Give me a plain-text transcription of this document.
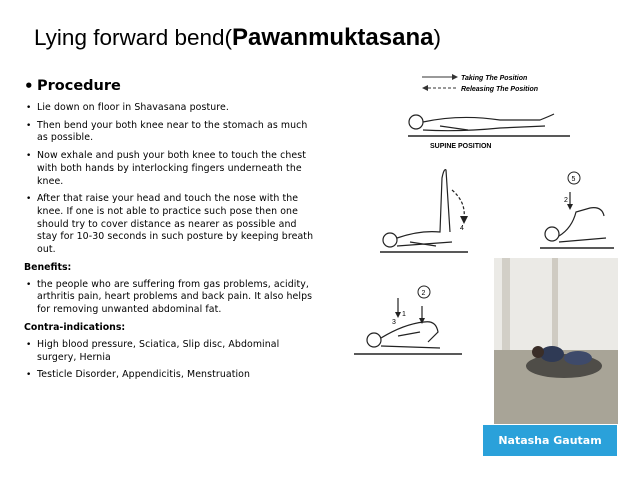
Lying forward bend(Pawanmuktasana)
• Procedure
• Lie down on floor in Shavasana posture.
• Then bend your both knee near to the stomach as much as possible.
• Now exhale and push your both knee to touch the chest with both hands by interlocking fingers underneath the knee.
• After that raise your head and touch the nose with the knee. If one is not able to practice such pose then one should try to cover distance as nearer as possible and stay for 10-30 seconds in such posture by keeping breath out.
Benefits:
• the people who are suffering from gas problems, acidity, arthritis pain, heart problems and back pain. It also helps for removing unwanted abdominal fat.
Contra-indications:
• High blood pressure, Sciatica, Slip disc, Abdominal surgery, Hernia
• Testicle Disorder, Appendicitis, Menstruation
Taking The Position
Releasing The Position
SUPINE POSITION
4
5
2
2
3
1
Natasha Gautam
